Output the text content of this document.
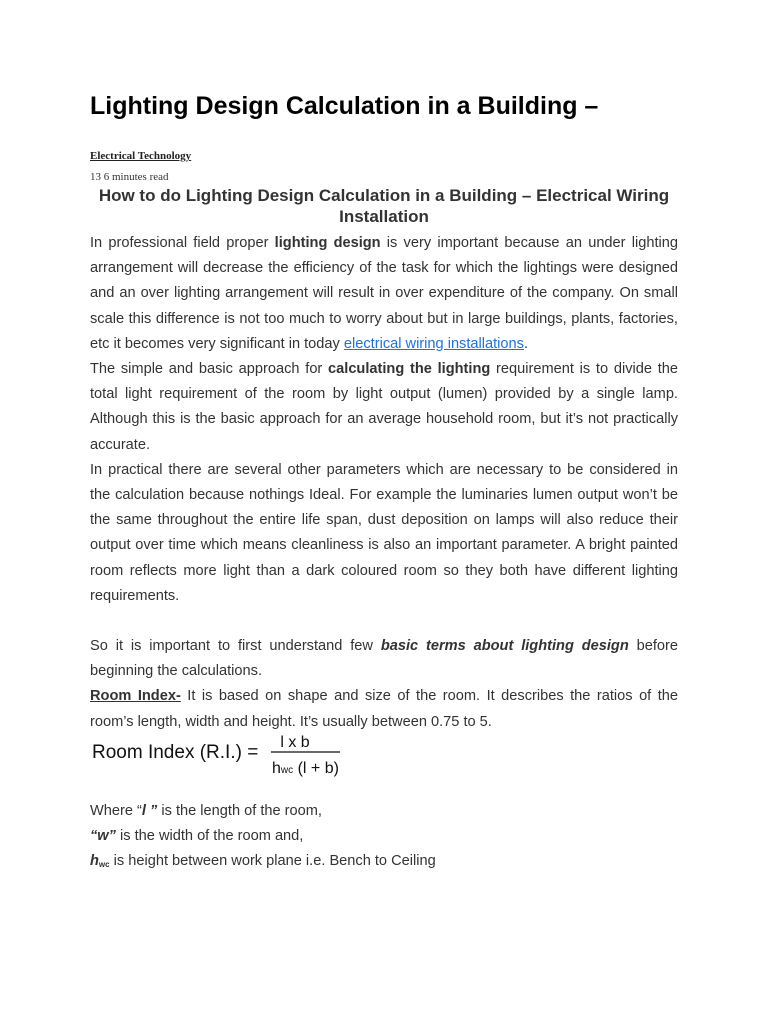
Lighting Design Calculation in a Building –
Electrical Technology
13 6 minutes read
How to do Lighting Design Calculation in a Building – Electrical Wiring Installation

In professional field proper lighting design is very important because an under lighting arrangement will decrease the efficiency of the task for which the lightings were designed and an over lighting arrangement will result in over expenditure of the company. On small scale this difference is not too much to worry about but in large buildings, plants, factories, etc it becomes very significant in today electrical wiring installations.

The simple and basic approach for calculating the lighting requirement is to divide the total light requirement of the room by light output (lumen) provided by a single lamp. Although this is the basic approach for an average household room, but it’s not practically accurate.

In practical there are several other parameters which are necessary to be considered in the calculation because nothings Ideal. For example the luminaries lumen output won’t be the same throughout the entire life span, dust deposition on lamps will also reduce their output over time which means cleanliness is also an important parameter. A bright painted room reflects more light than a dark coloured room so they both have different lighting requirements.

So it is important to first understand few basic terms about lighting design before beginning the calculations.

Room Index- It is based on shape and size of the room. It describes the ratios of the room’s length, width and height. It’s usually between 0.75 to 5.

Room Index (R.I.) = l x b
hwc (l + b)

Where “l ” is the length of the room,

“w” is the width of the room and,

$h_{wc}$ is height between work plane i.e. Bench to Ceiling
